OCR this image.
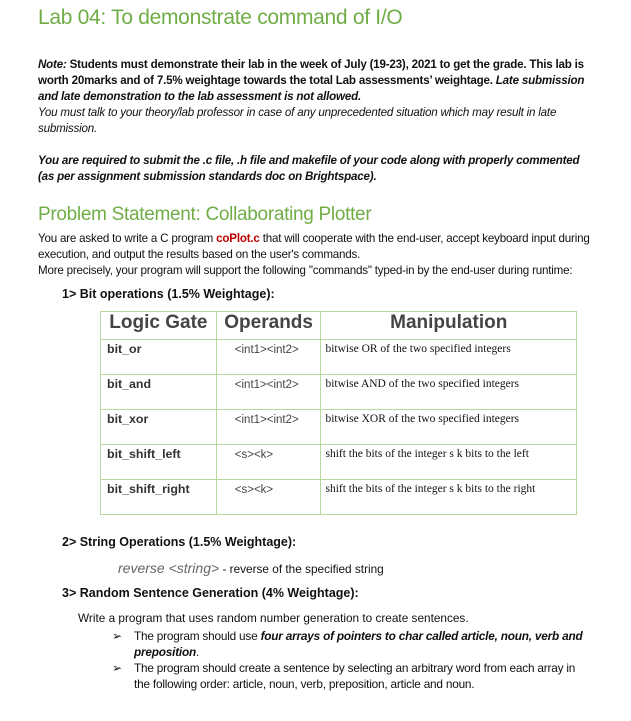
Lab 04: To demonstrate command of I/O
Note: Students must demonstrate their lab in the week of July (19-23), 2021 to get the grade. This lab is worth 20marks and of 7.5% weightage towards the total Lab assessments’ weightage. Late submission and late demonstration to the lab assessment is not allowed.
You must talk to your theory/lab professor in case of any unprecedented situation which may result in late submission.
You are required to submit the .c file, .h file and makefile of your code along with properly commented (as per assignment submission standards doc on Brightspace).
Problem Statement: Collaborating Plotter
You are asked to write a C program coPlot.c that will cooperate with the end-user, accept keyboard input during execution, and output the results based on the user's commands.
More precisely, your program will support the following "commands" typed-in by the end-user during runtime:
1> Bit operations (1.5% Weightage):
Logic Gate	Operands	Manipulation
bit_or	<int1><int2>	bitwise OR of the two specified integers
bit_and	<int1><int2>	bitwise AND of the two specified integers
bit_xor	<int1><int2>	bitwise XOR of the two specified integers
bit_shift_left	<s><k>	shift the bits of the integer s k bits to the left
bit_shift_right	<s><k>	shift the bits of the integer s k bits to the right
2> String Operations (1.5% Weightage):
reverse <string> - reverse of the specified string
3> Random Sentence Generation (4% Weightage):
Write a program that uses random number generation to create sentences.
➢ The program should use four arrays of pointers to char called article, noun, verb and preposition.
➢ The program should create a sentence by selecting an arbitrary word from each array in the following order: article, noun, verb, preposition, article and noun.
